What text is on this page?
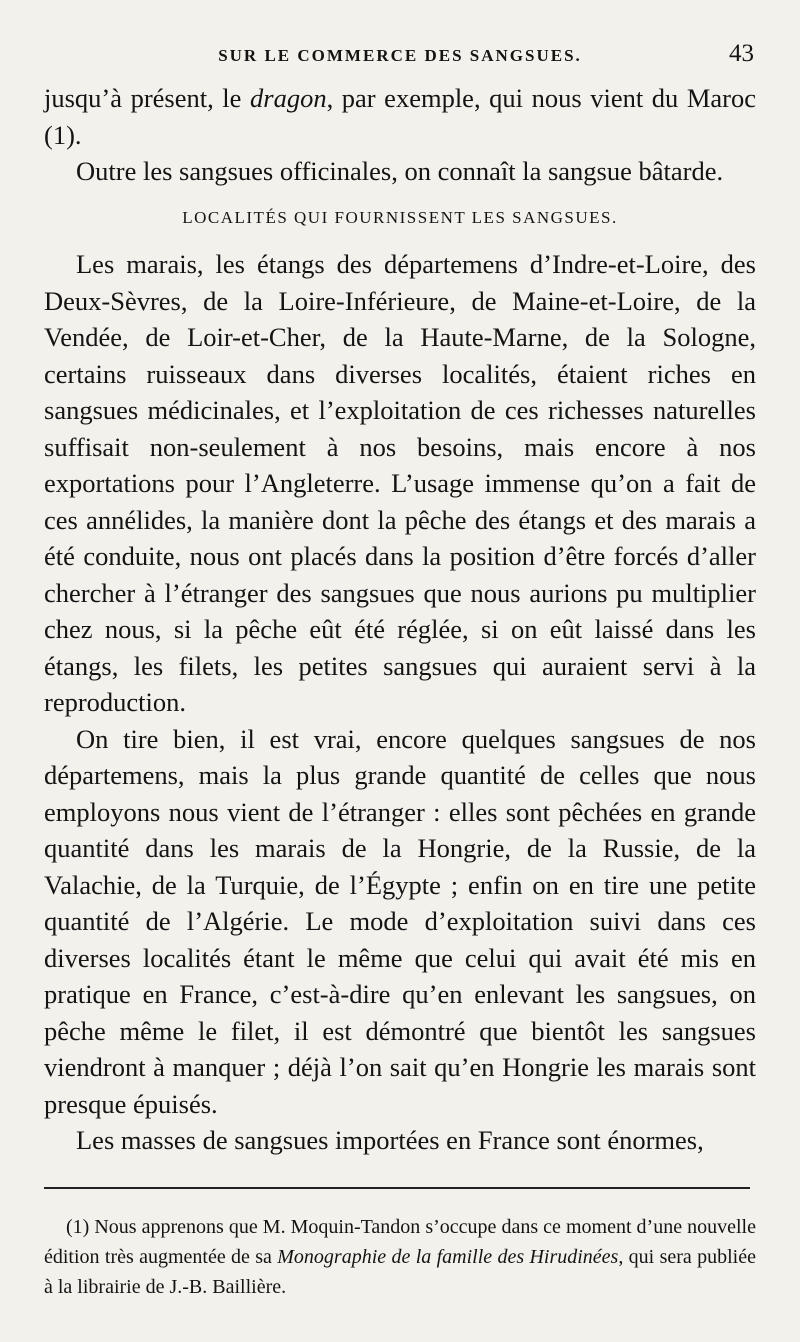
SUR LE COMMERCE DES SANGSUES.	43

jusqu’à présent, le dragon, par exemple, qui nous vient du Maroc (1).

Outre les sangsues officinales, on connaît la sangsue bâtarde.

LOCALITÉS QUI FOURNISSENT LES SANGSUES.

Les marais, les étangs des départemens d’Indre-et-Loire, des Deux-Sèvres, de la Loire-Inférieure, de Maine-et-Loire, de la Vendée, de Loir-et-Cher, de la Haute-Marne, de la Sologne, certains ruisseaux dans diverses localités, étaient riches en sangsues médicinales, et l’exploitation de ces richesses naturelles suffisait non-seulement à nos besoins, mais encore à nos exportations pour l’Angleterre. L’usage immense qu’on a fait de ces annélides, la manière dont la pêche des étangs et des marais a été conduite, nous ont placés dans la position d’être forcés d’aller chercher à l’étranger des sangsues que nous aurions pu multiplier chez nous, si la pêche eût été réglée, si on eût laissé dans les étangs, les filets, les petites sangsues qui auraient servi à la reproduction.

On tire bien, il est vrai, encore quelques sangsues de nos départemens, mais la plus grande quantité de celles que nous employons nous vient de l’étranger : elles sont pêchées en grande quantité dans les marais de la Hongrie, de la Russie, de la Valachie, de la Turquie, de l’Égypte ; enfin on en tire une petite quantité de l’Algérie. Le mode d’exploitation suivi dans ces diverses localités étant le même que celui qui avait été mis en pratique en France, c’est-à-dire qu’en enlevant les sangsues, on pêche même le filet, il est démontré que bientôt les sangsues viendront à manquer ; déjà l’on sait qu’en Hongrie les marais sont presque épuisés.

Les masses de sangsues importées en France sont énormes,

(1) Nous apprenons que M. Moquin-Tandon s’occupe dans ce moment d’une nouvelle édition très augmentée de sa Monographie de la famille des Hirudinées, qui sera publiée à la librairie de J.-B. Baillière.
